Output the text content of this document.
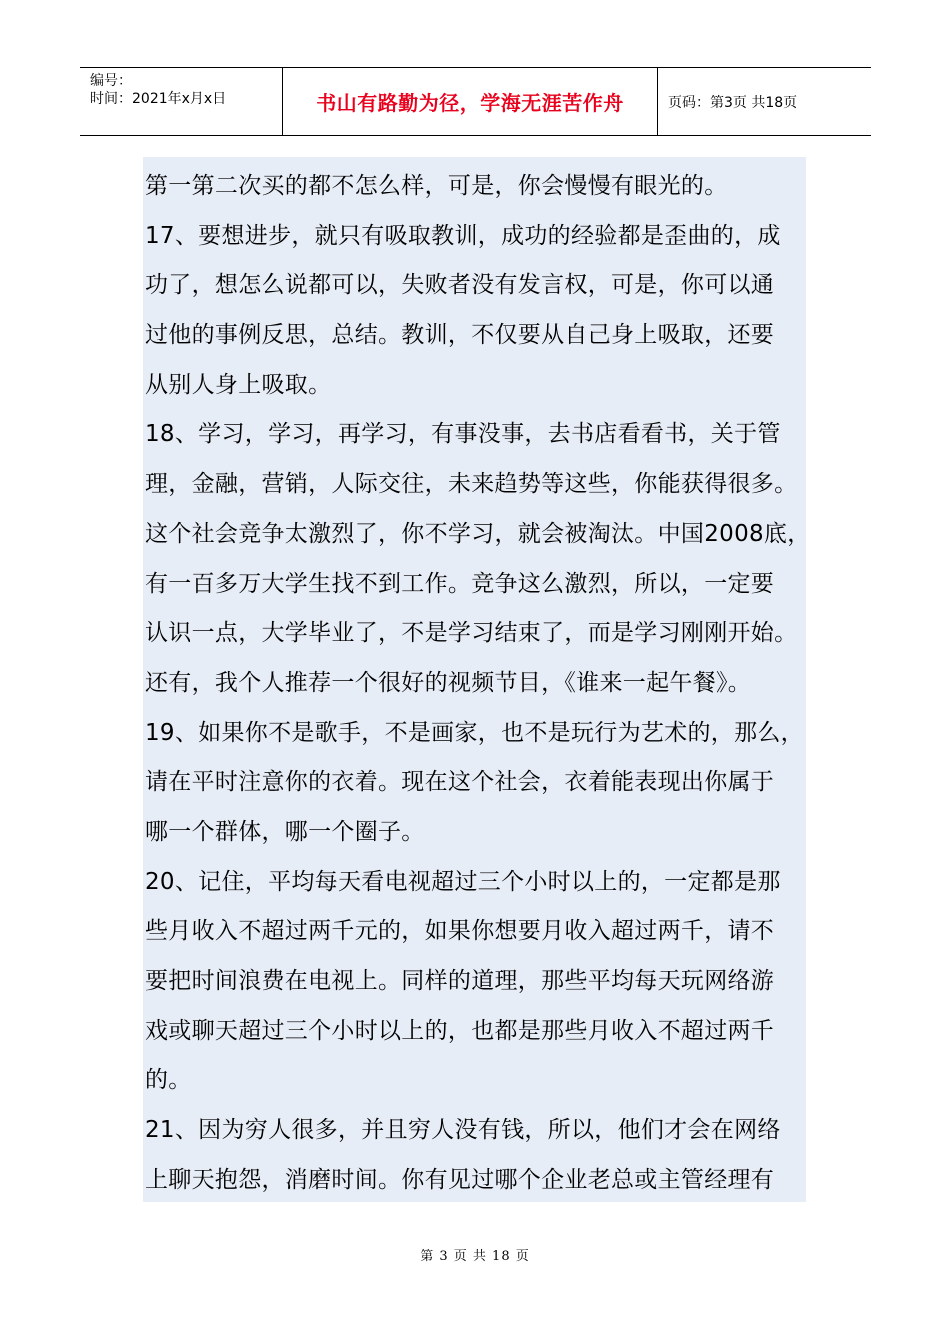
编号：
时间：2021年x月x日	书山有路勤为径，学海无涯苦作舟	页码：第3页 共18页
第一第二次买的都不怎么样，可是，你会慢慢有眼光的。
17、要想进步，就只有吸取教训，成功的经验都是歪曲的，成
功了，想怎么说都可以，失败者没有发言权，可是，你可以通
过他的事例反思，总结。教训，不仅要从自己身上吸取，还要
从别人身上吸取。
18、学习，学习，再学习，有事没事，去书店看看书，关于管
理，金融，营销，人际交往，未来趋势等这些，你能获得很多。
这个社会竞争太激烈了，你不学习，就会被淘汰。中国2008底，
有一百多万大学生找不到工作。竞争这么激烈，所以，一定要
认识一点，大学毕业了，不是学习结束了，而是学习刚刚开始。
还有，我个人推荐一个很好的视频节目，《谁来一起午餐》。
19、如果你不是歌手，不是画家，也不是玩行为艺术的，那么，
请在平时注意你的衣着。现在这个社会，衣着能表现出你属于
哪一个群体，哪一个圈子。
20、记住，平均每天看电视超过三个小时以上的，一定都是那
些月收入不超过两千元的，如果你想要月收入超过两千，请不
要把时间浪费在电视上。同样的道理，那些平均每天玩网络游
戏或聊天超过三个小时以上的，也都是那些月收入不超过两千
的。
21、因为穷人很多，并且穷人没有钱，所以，他们才会在网络
上聊天抱怨，消磨时间。你有见过哪个企业老总或主管经理有
第 3 页 共 18 页
